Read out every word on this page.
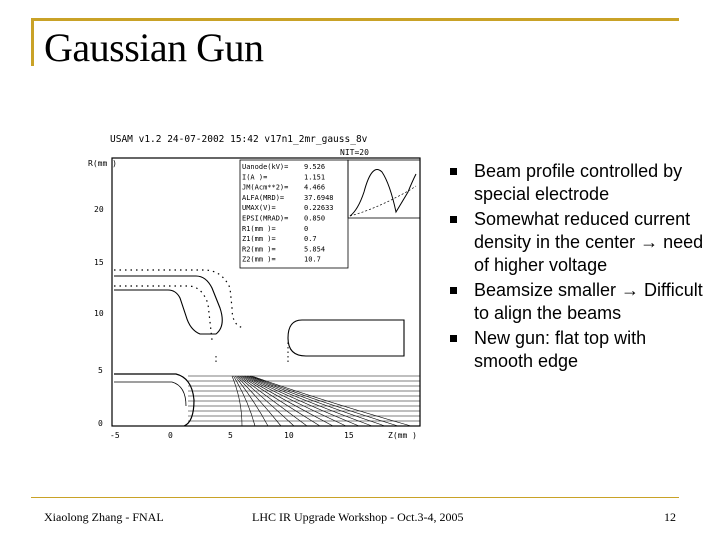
Gaussian Gun
USAM v1.2 24-07-2002 15:42 v17n1_2mr_gauss_8v
NIT=20
R(mm )
20
15
10
5
0
-5	0	5	10	15	Z(mm )
Uanode(kV)= 9.526
I(A )=	1.151
JM(Acm**2)= 4.466
ALFA(MRD)=	37.6948
UMAX(V)=	0.22633
EPSI(MRAD)= 0.850
R1(mm )=	0
Z1(mm )=	0.7
R2(mm )=	5.854
Z2(mm )=	10.7
Beam profile controlled by special electrode
Somewhat reduced current density in the center → need of higher voltage
Beamsize smaller → Difficult to align the beams
New gun: flat top with smooth edge
Xiaolong Zhang - FNAL	LHC IR Upgrade Workshop - Oct.3-4, 2005	12
